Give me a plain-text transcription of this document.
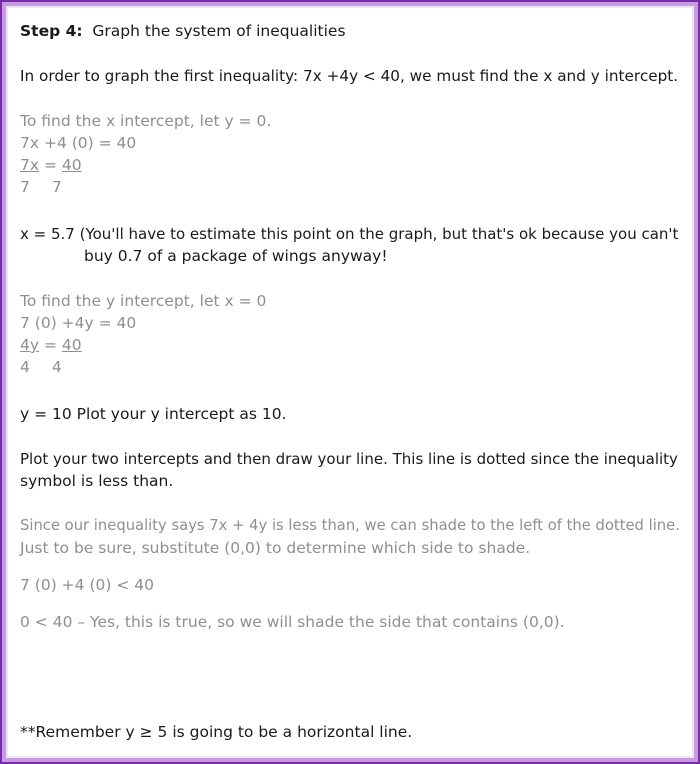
Step 4: Graph the system of inequalities

In order to graph the first inequality: 7x +4y < 40, we must find the x and y intercept.

To find the x intercept, let y = 0.

7x +4 (0) = 40

7x = 40

7 7

x = 5.7 (You'll have to estimate this point on the graph, but that's ok because you can't

buy 0.7 of a package of wings anyway!

To find the y intercept, let x = 0

7 (0) +4y = 40

4y = 40

4 4

y = 10 Plot your y intercept as 10.

Plot your two intercepts and then draw your line. This line is dotted since the inequality

symbol is less than.

Since our inequality says 7x + 4y is less than, we can shade to the left of the dotted line.

Just to be sure, substitute (0,0) to determine which side to shade.

7 (0) +4 (0) < 40

0 < 40 – Yes, this is true, so we will shade the side that contains (0,0).

**Remember y ≥ 5 is going to be a horizontal line.
